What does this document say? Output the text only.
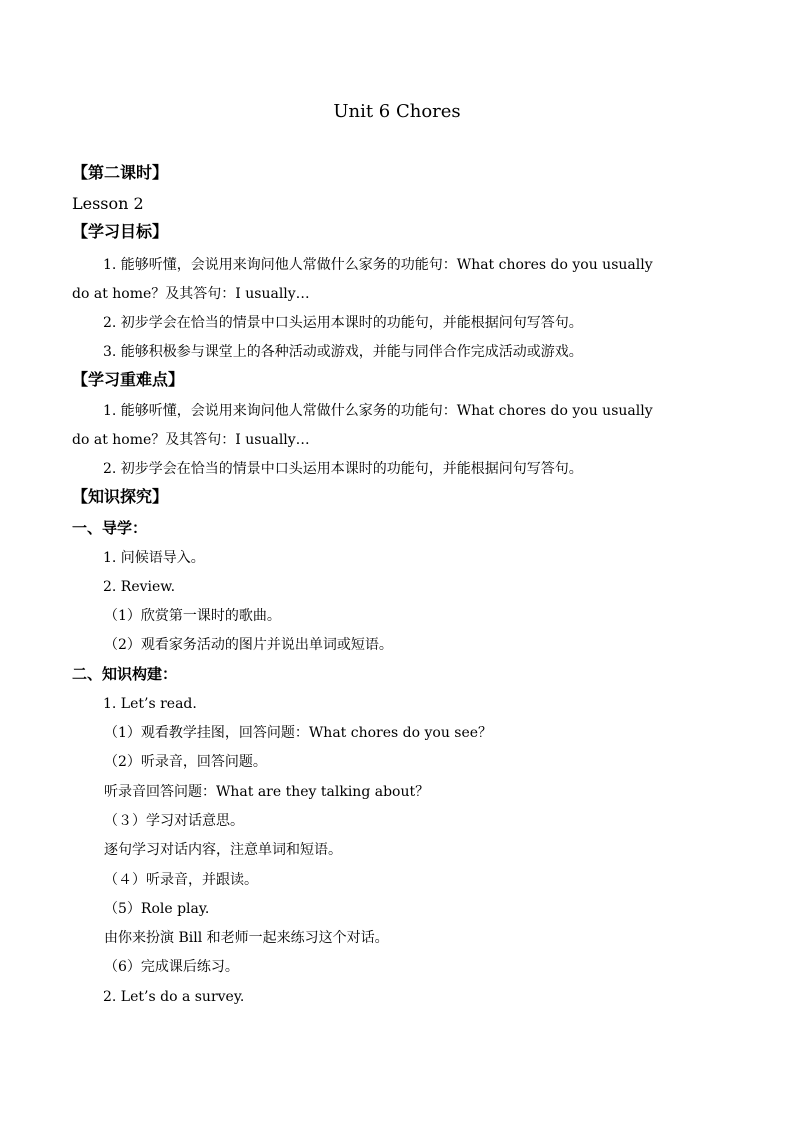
Unit 6 Chores
【第二课时】
Lesson 2
【学习目标】
1. 能够听懂，会说用来询问他人常做什么家务的功能句：What chores do you usually
do at home？及其答句：I usually…
2. 初步学会在恰当的情景中口头运用本课时的功能句，并能根据问句写答句。
3. 能够积极参与课堂上的各种活动或游戏，并能与同伴合作完成活动或游戏。
【学习重难点】
1. 能够听懂，会说用来询问他人常做什么家务的功能句：What chores do you usually
do at home？及其答句：I usually…
2. 初步学会在恰当的情景中口头运用本课时的功能句，并能根据问句写答句。
【知识探究】
一、导学：
1. 问候语导入。
2. Review.
（1）欣赏第一课时的歌曲。
（2）观看家务活动的图片并说出单词或短语。
二、知识构建：
1. Let’s read.
（1）观看教学挂图，回答问题：What chores do you see？
（2）听录音，回答问题。
听录音回答问题：What are they talking about？
（３）学习对话意思。
逐句学习对话内容，注意单词和短语。
（４）听录音，并跟读。
（5）Role play.
由你来扮演 Bill 和老师一起来练习这个对话。
（6）完成课后练习。
2. Let’s do a survey.
